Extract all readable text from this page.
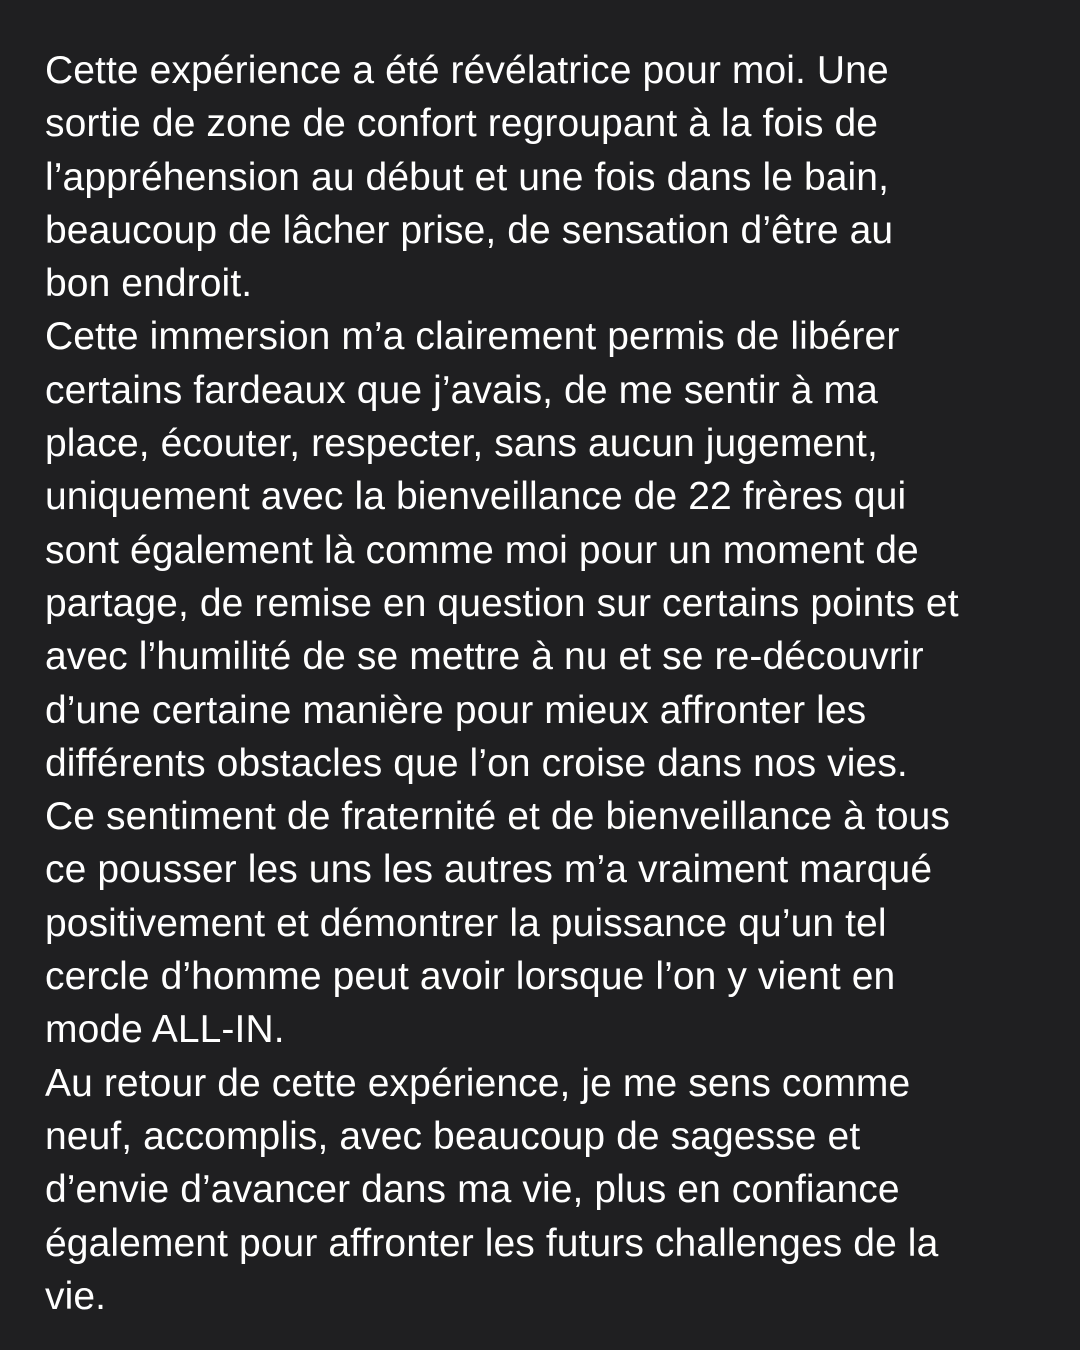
Cette expérience a été révélatrice pour moi. Une
sortie de zone de confort regroupant à la fois de
l’appréhension au début et une fois dans le bain,
beaucoup de lâcher prise, de sensation d’être au
bon endroit.
Cette immersion m’a clairement permis de libérer
certains fardeaux que j’avais, de me sentir à ma
place, écouter, respecter, sans aucun jugement,
uniquement avec la bienveillance de 22 frères qui
sont également là comme moi pour un moment de
partage, de remise en question sur certains points et
avec l’humilité de se mettre à nu et se re-découvrir
d’une certaine manière pour mieux affronter les
différents obstacles que l’on croise dans nos vies.
Ce sentiment de fraternité et de bienveillance à tous
ce pousser les uns les autres m’a vraiment marqué
positivement et démontrer la puissance qu’un tel
cercle d’homme peut avoir lorsque l’on y vient en
mode ALL-IN.
Au retour de cette expérience, je me sens comme
neuf, accomplis, avec beaucoup de sagesse et
d’envie d’avancer dans ma vie, plus en confiance
également pour affronter les futurs challenges de la
vie.
